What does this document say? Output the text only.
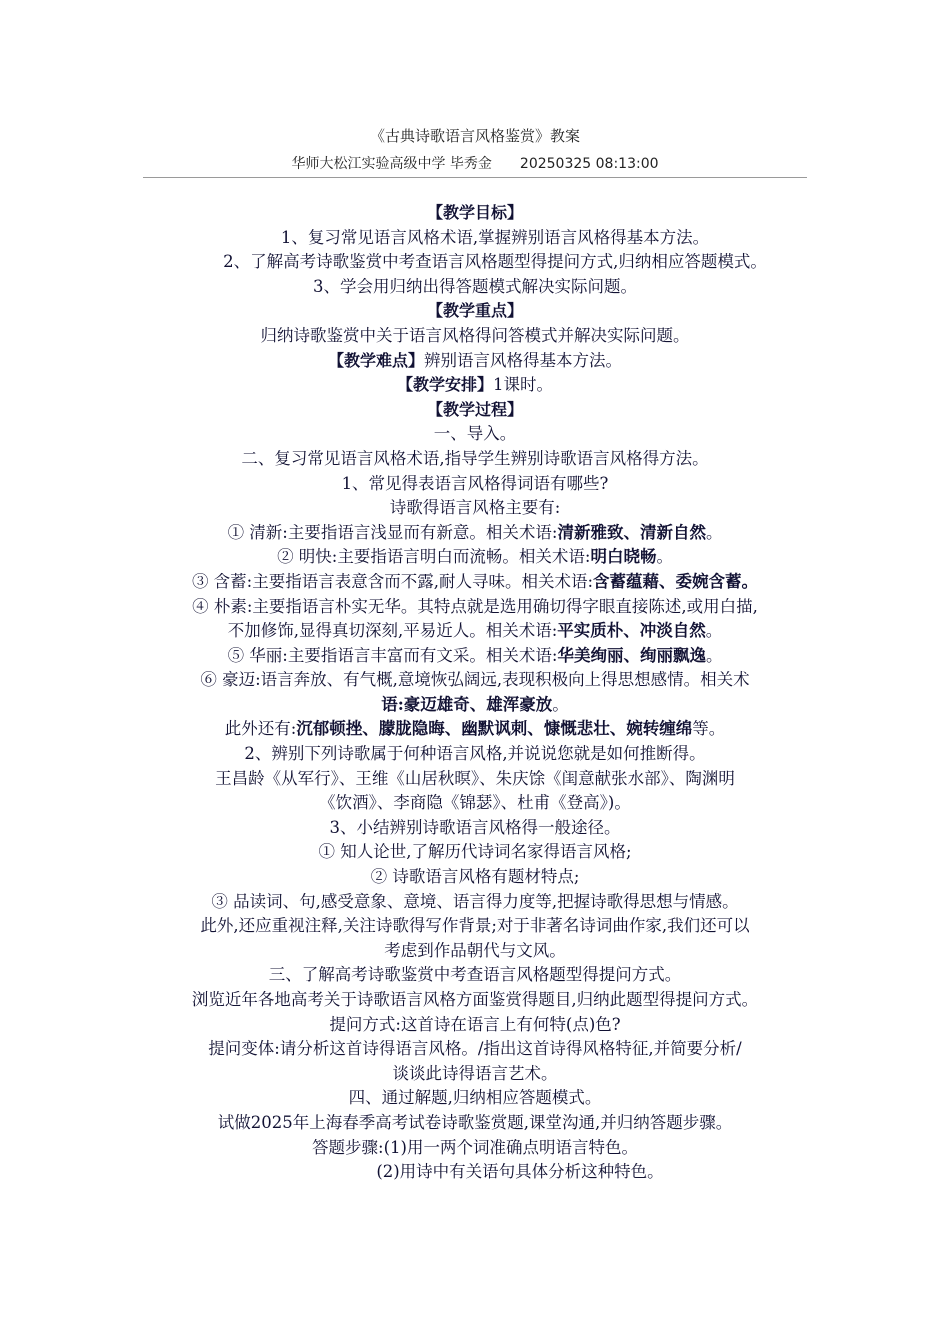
《古典诗歌语言风格鉴赏》教案
华师大松江实验高级中学 毕秀金 20250325 08:13:00

【教学目标】

1、复习常见语言风格术语,掌握辨别语言风格得基本方法。

2、了解高考诗歌鉴赏中考查语言风格题型得提问方式,归纳相应答题模式。

3、学会用归纳出得答题模式解决实际问题。

【教学重点】

归纳诗歌鉴赏中关于语言风格得问答模式并解决实际问题。

【教学难点】辨别语言风格得基本方法。

【教学安排】1课时。

【教学过程】

一、导入。

二、复习常见语言风格术语,指导学生辨别诗歌语言风格得方法。

1、常见得表语言风格得词语有哪些?

诗歌得语言风格主要有:

① 清新:主要指语言浅显而有新意。相关术语:清新雅致、清新自然。

② 明快:主要指语言明白而流畅。相关术语:明白晓畅。

③ 含蓄:主要指语言表意含而不露,耐人寻味。相关术语:含蓄蕴藉、委婉含蓄。

④ 朴素:主要指语言朴实无华。其特点就是选用确切得字眼直接陈述,或用白描,

不加修饰,显得真切深刻,平易近人。相关术语:平实质朴、冲淡自然。

⑤ 华丽:主要指语言丰富而有文采。相关术语:华美绚丽、绚丽飘逸。

⑥ 豪迈:语言奔放、有气概,意境恢弘阔远,表现积极向上得思想感情。相关术

语:豪迈雄奇、雄浑豪放。

此外还有:沉郁顿挫、朦胧隐晦、幽默讽刺、慷慨悲壮、婉转缠绵等。

2、辨别下列诗歌属于何种语言风格,并说说您就是如何推断得。

王昌龄《从军行》、王维《山居秋暝》、朱庆馀《闺意献张水部》、陶渊明

《饮酒》、李商隐《锦瑟》、杜甫《登高》)。

3、小结辨别诗歌语言风格得一般途径。

① 知人论世,了解历代诗词名家得语言风格;

② 诗歌语言风格有题材特点;

③ 品读词、句,感受意象、意境、语言得力度等,把握诗歌得思想与情感。

此外,还应重视注释,关注诗歌得写作背景;对于非著名诗词曲作家,我们还可以

考虑到作品朝代与文风。

三、了解高考诗歌鉴赏中考查语言风格题型得提问方式。

浏览近年各地高考关于诗歌语言风格方面鉴赏得题目,归纳此题型得提问方式。

提问方式:这首诗在语言上有何特(点)色?

提问变体:请分析这首诗得语言风格。/指出这首诗得风格特征,并简要分析/

谈谈此诗得语言艺术。

四、通过解题,归纳相应答题模式。

试做2025年上海春季高考试卷诗歌鉴赏题,课堂沟通,并归纳答题步骤。

答题步骤:(1)用一两个词准确点明语言特色。

(2)用诗中有关语句具体分析这种特色。
